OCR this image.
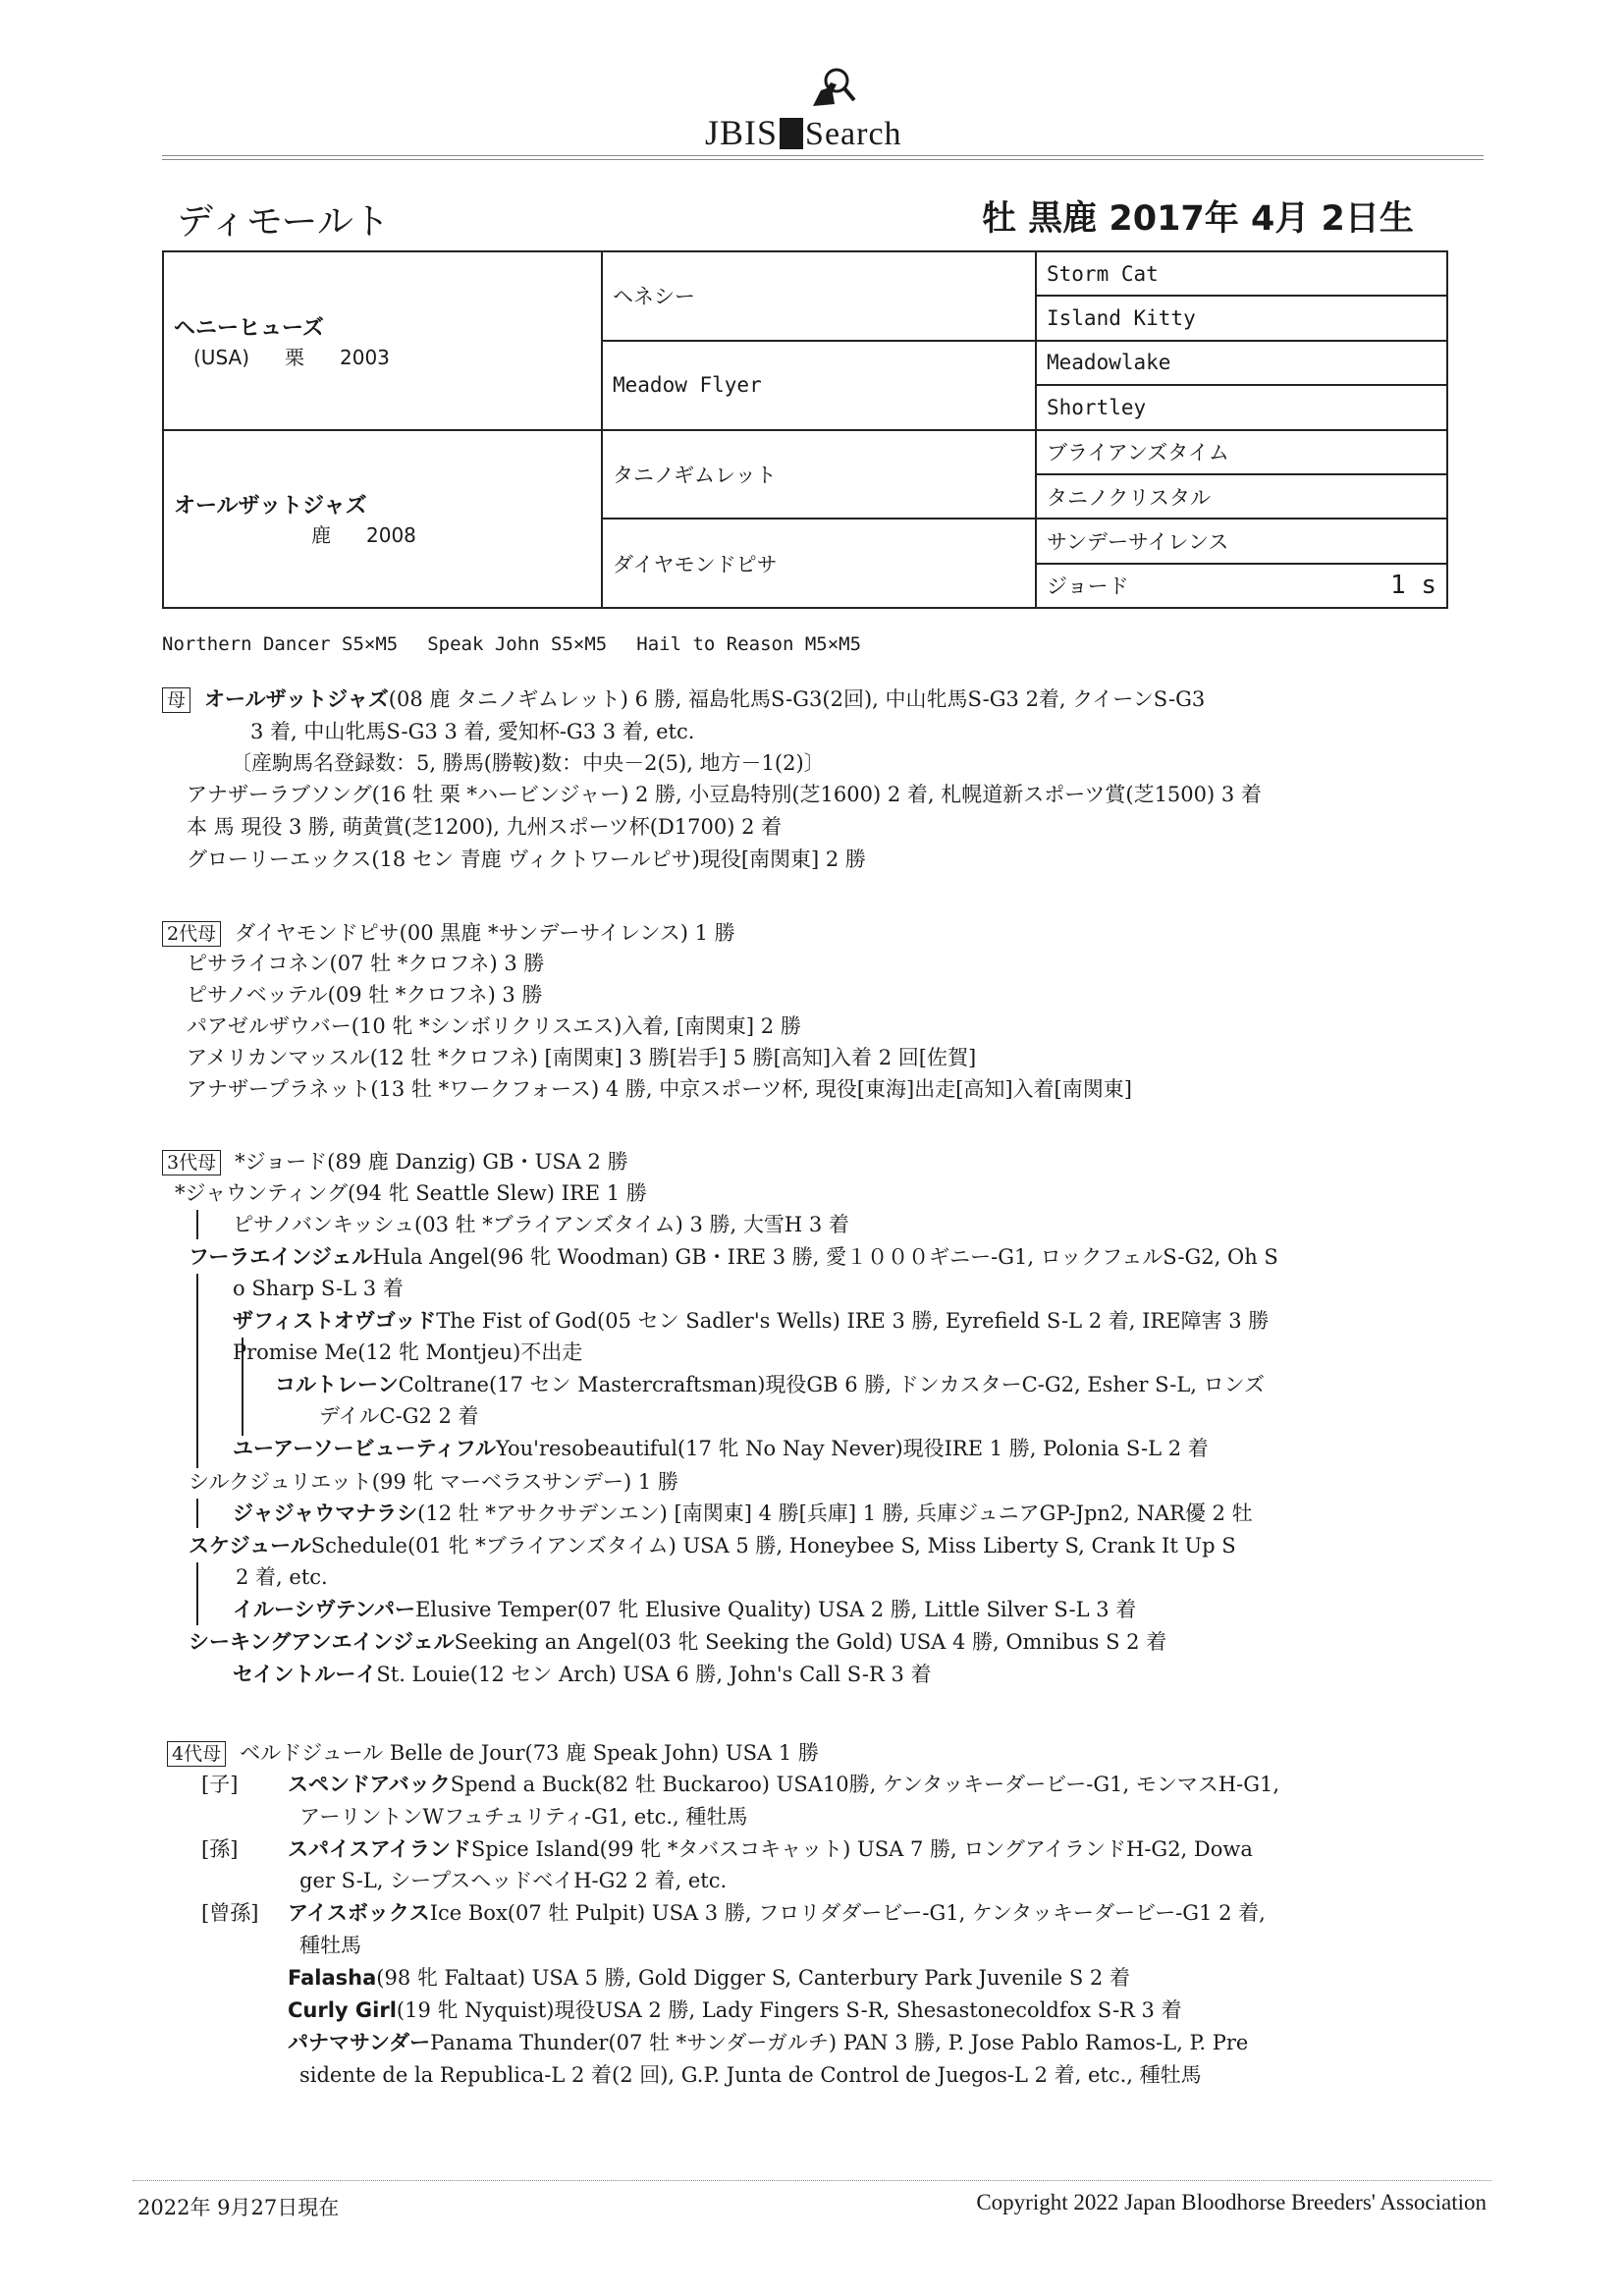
JBIS Search
ディモールト	牡 黒鹿 2017年 4月 2日生
ヘニーヒューズ
(USA) 栗 2003	ヘネシー	Storm Cat
		Island Kitty
	Meadow Flyer	Meadowlake
		Shortley

オールザットジャズ
鹿 2008	タニノギムレット	ブライアンズタイム
		タニノクリスタル
	ダイヤモンドピサ	サンデーサイレンス
		ジョード 1 s
Northern Dancer S5×M5 Speak John S5×M5 Hail to Reason M5×M5
母 オールザットジャズ(08 鹿 タニノギムレット) 6 勝, 福島牝馬S-G3(2回), 中山牝馬S-G3 2着, クイーンS-G3
3 着, 中山牝馬S-G3 3 着, 愛知杯-G3 3 着, etc.
〔産駒馬名登録数：5, 勝馬(勝鞍)数：中央－2(5), 地方－1(2)〕
アナザーラブソング(16 牡 栗 *ハービンジャー) 2 勝, 小豆島特別(芝1600) 2 着, 札幌道新スポーツ賞(芝1500) 3 着
本 馬 現役 3 勝, 萌黄賞(芝1200), 九州スポーツ杯(D1700) 2 着
グローリーエックス(18 セン 青鹿 ヴィクトワールピサ)現役[南関東] 2 勝
2代母 ダイヤモンドピサ(00 黒鹿 *サンデーサイレンス) 1 勝
ピサライコネン(07 牡 *クロフネ) 3 勝
ピサノベッテル(09 牡 *クロフネ) 3 勝
パアゼルザウバー(10 牝 *シンボリクリスエス)入着, [南関東] 2 勝
アメリカンマッスル(12 牡 *クロフネ) [南関東] 3 勝[岩手] 5 勝[高知]入着 2 回[佐賀]
アナザープラネット(13 牡 *ワークフォース) 4 勝, 中京スポーツ杯, 現役[東海]出走[高知]入着[南関東]
3代母 *ジョード(89 鹿 Danzig) GB・USA 2 勝
*ジャウンティング(94 牝 Seattle Slew) IRE 1 勝
ピサノバンキッシュ(03 牡 *ブライアンズタイム) 3 勝, 大雪H 3 着
フーラエインジェルHula Angel(96 牝 Woodman) GB・IRE 3 勝, 愛１０００ギニー-G1, ロックフェルS-G2, Oh S
o Sharp S-L 3 着
ザフィストオヴゴッドThe Fist of God(05 セン Sadler's Wells) IRE 3 勝, Eyrefield S-L 2 着, IRE障害 3 勝
Promise Me(12 牝 Montjeu)不出走
コルトレーンColtrane(17 セン Mastercraftsman)現役GB 6 勝, ドンカスターC-G2, Esher S-L, ロンズ
デイルC-G2 2 着
ユーアーソービューティフルYou'resobeautiful(17 牝 No Nay Never)現役IRE 1 勝, Polonia S-L 2 着
シルクジュリエット(99 牝 マーベラスサンデー) 1 勝
ジャジャウマナラシ(12 牡 *アサクサデンエン) [南関東] 4 勝[兵庫] 1 勝, 兵庫ジュニアGP-Jpn2, NAR優 2 牡
スケジュールSchedule(01 牝 *ブライアンズタイム) USA 5 勝, Honeybee S, Miss Liberty S, Crank It Up S
2 着, etc.
イルーシヴテンパーElusive Temper(07 牝 Elusive Quality) USA 2 勝, Little Silver S-L 3 着
シーキングアンエインジェルSeeking an Angel(03 牝 Seeking the Gold) USA 4 勝, Omnibus S 2 着
セイントルーイSt. Louie(12 セン Arch) USA 6 勝, John's Call S-R 3 着
4代母 ベルドジュール Belle de Jour(73 鹿 Speak John) USA 1 勝
[子] スペンドアバックSpend a Buck(82 牡 Buckaroo) USA10勝, ケンタッキーダービー-G1, モンマスH-G1,
アーリントンWフュチュリティ-G1, etc., 種牡馬
[孫] スパイスアイランドSpice Island(99 牝 *タバスコキャット) USA 7 勝, ロングアイランドH-G2, Dowa
ger S-L, シープスヘッドベイH-G2 2 着, etc.
[曾孫] アイスボックスIce Box(07 牡 Pulpit) USA 3 勝, フロリダダービー-G1, ケンタッキーダービー-G1 2 着,
種牡馬
Falasha(98 牝 Faltaat) USA 5 勝, Gold Digger S, Canterbury Park Juvenile S 2 着
Curly Girl(19 牝 Nyquist)現役USA 2 勝, Lady Fingers S-R, Shesastonecoldfox S-R 3 着
パナマサンダーPanama Thunder(07 牡 *サンダーガルチ) PAN 3 勝, P. Jose Pablo Ramos-L, P. Pre
sidente de la Republica-L 2 着(2 回), G.P. Junta de Control de Juegos-L 2 着, etc., 種牡馬
2022年 9月27日現在	Copyright 2022 Japan Bloodhorse Breeders' Association
